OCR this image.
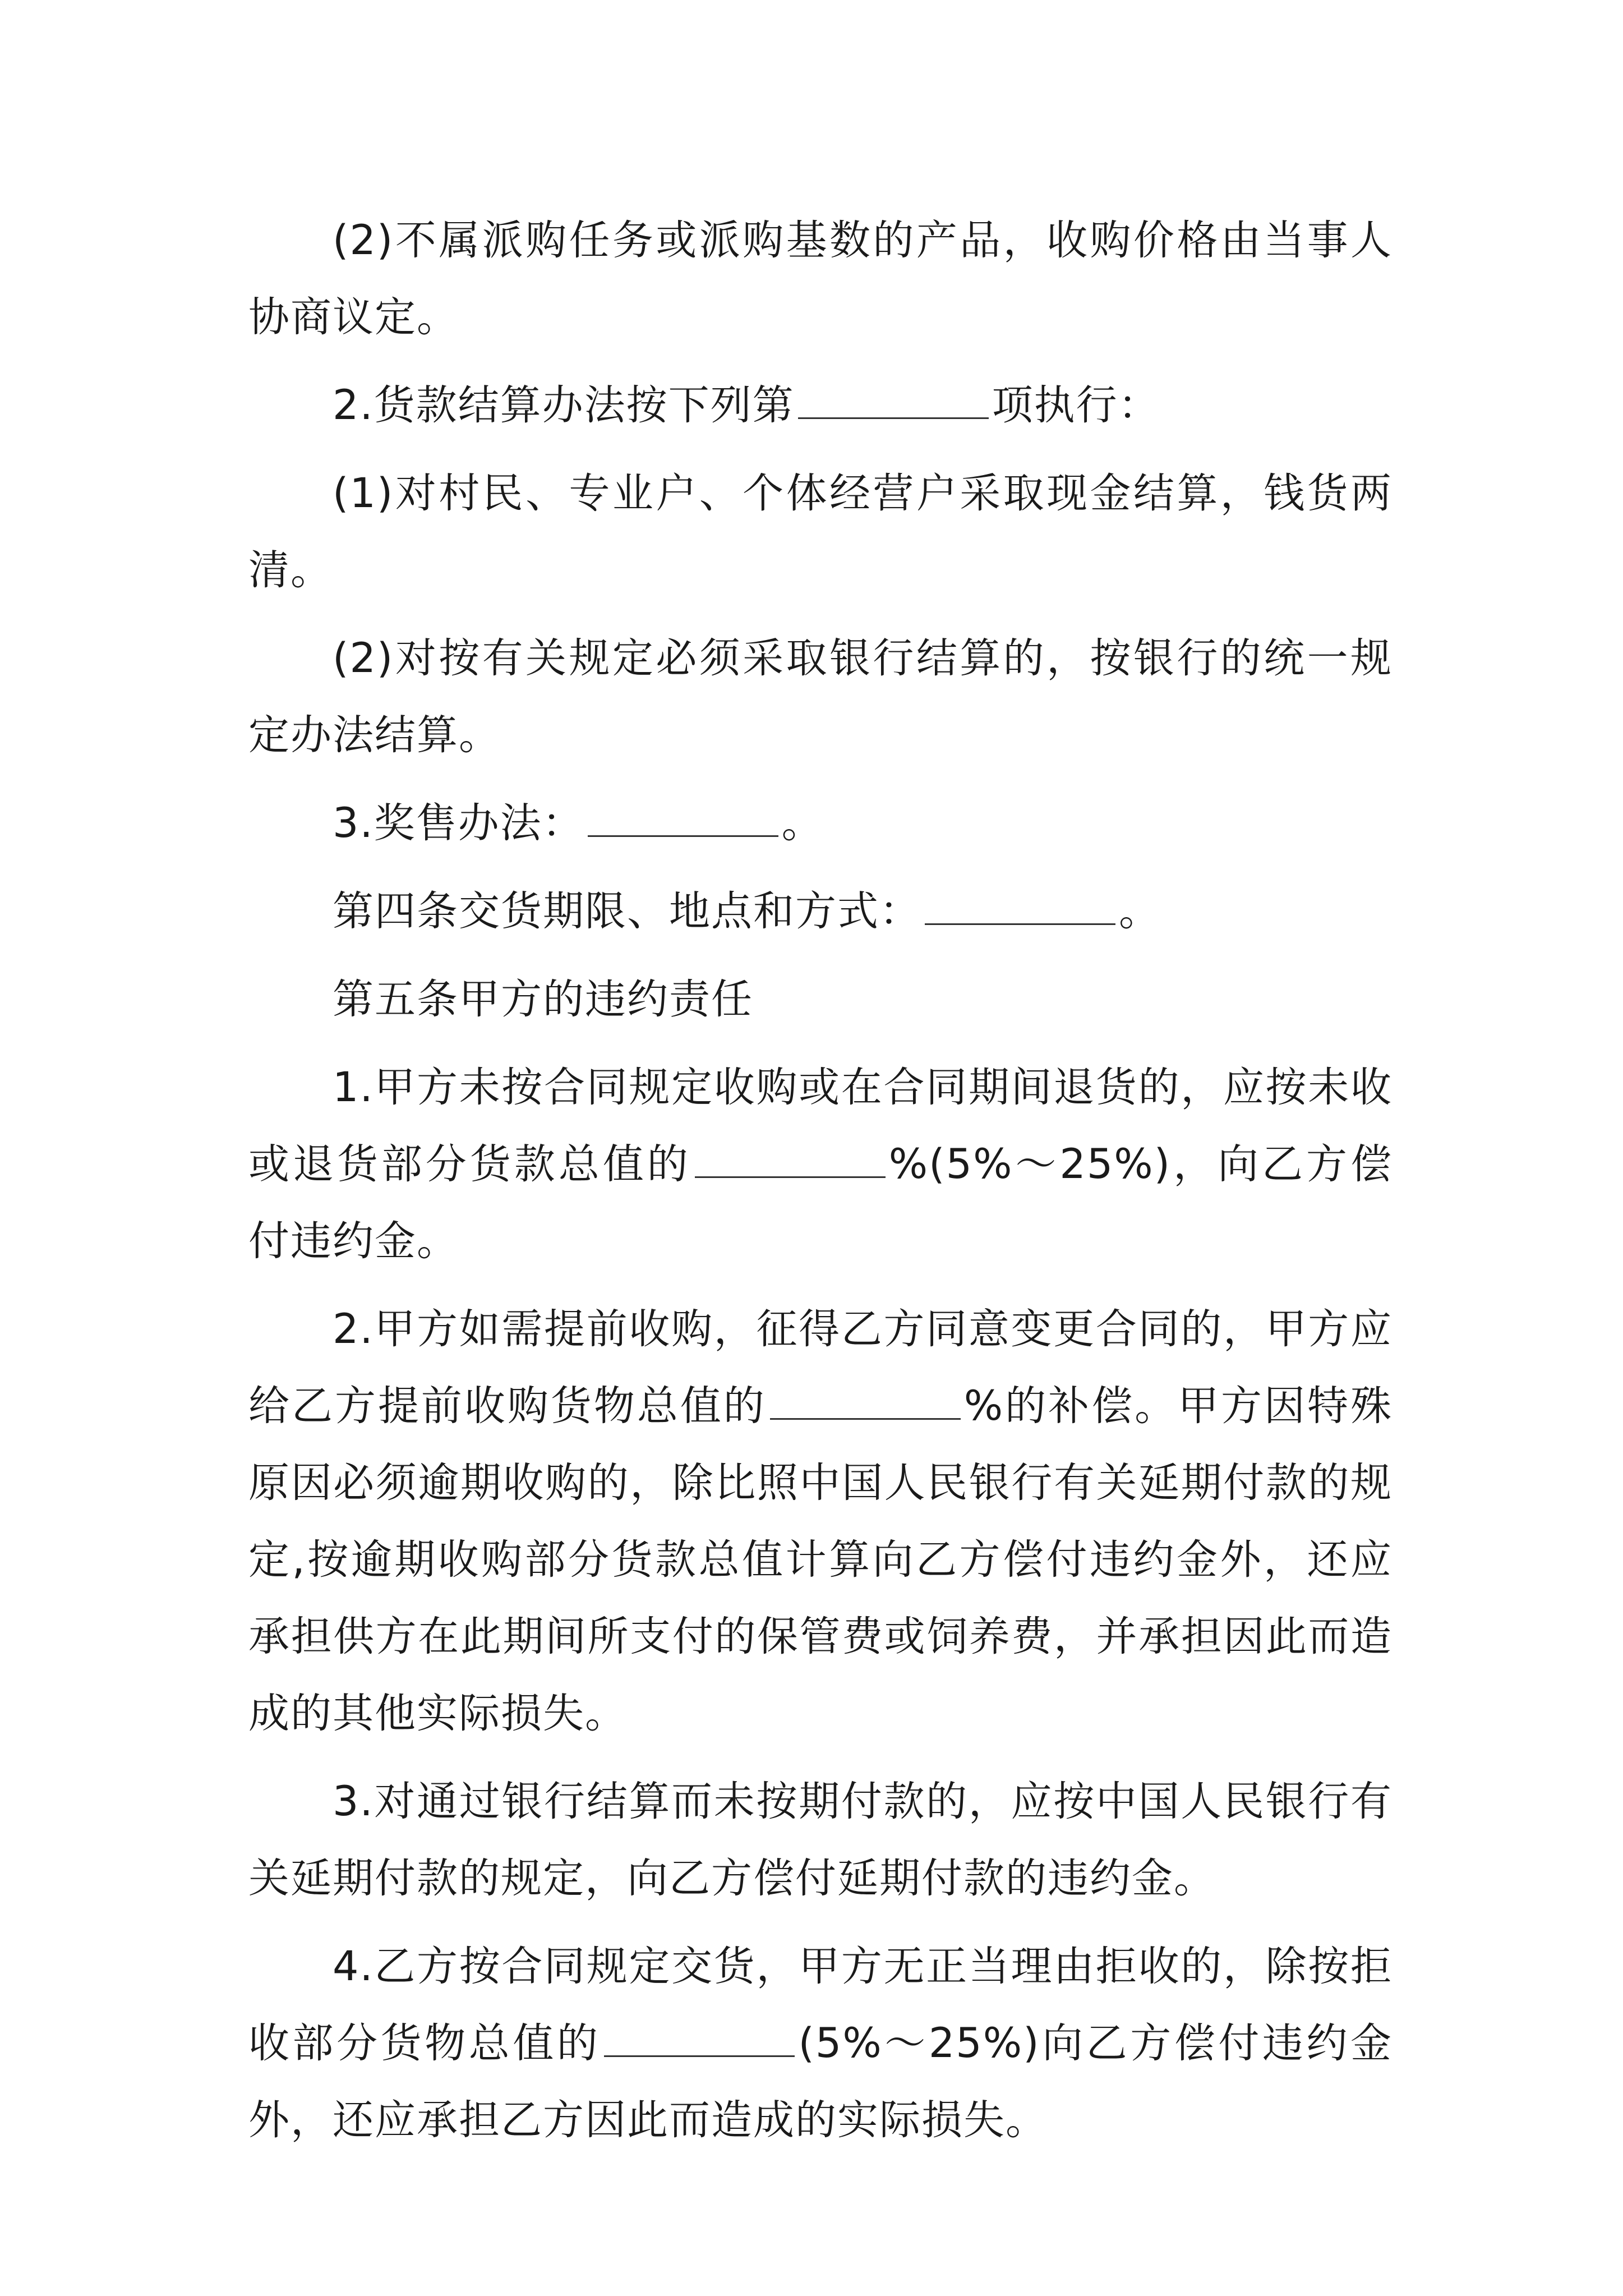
(2)不属派购任务或派购基数的产品，收购价格由当事人协商议定。

2.货款结算办法按下列第	项执行：

(1)对村民、专业户、个体经营户采取现金结算，钱货两清。

(2)对按有关规定必须采取银行结算的，按银行的统一规定办法结算。

3.奖售办法：	。

第四条交货期限、地点和方式：	。

第五条甲方的违约责任

1.甲方未按合同规定收购或在合同期间退货的，应按未收或退货部分货款总值的	%(5%～25%)，向乙方偿付违约金。

2.甲方如需提前收购，征得乙方同意变更合同的，甲方应给乙方提前收购货物总值的	%的补偿。甲方因特殊原因必须逾期收购的，除比照中国人民银行有关延期付款的规定,按逾期收购部分货款总值计算向乙方偿付违约金外，还应承担供方在此期间所支付的保管费或饲养费，并承担因此而造成的其他实际损失。

3.对通过银行结算而未按期付款的，应按中国人民银行有关延期付款的规定，向乙方偿付延期付款的违约金。

4.乙方按合同规定交货，甲方无正当理由拒收的，除按拒收部分货物总值的	(5%～25%)向乙方偿付违约金外，还应承担乙方因此而造成的实际损失。
